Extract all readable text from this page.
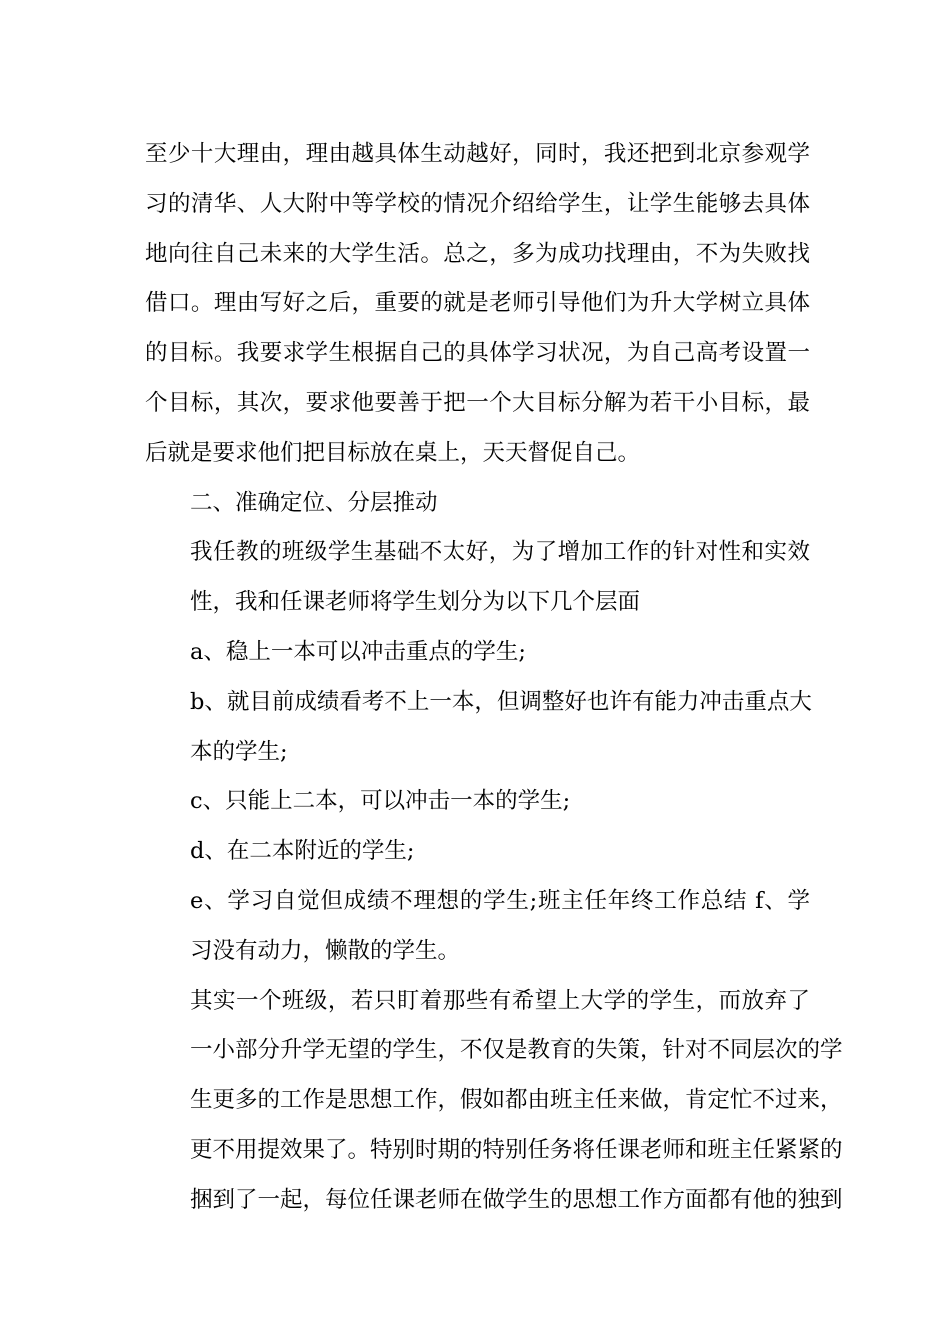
至少十大理由，理由越具体生动越好，同时，我还把到北京参观学
习的清华、人大附中等学校的情况介绍给学生，让学生能够去具体
地向往自己未来的大学生活。总之，多为成功找理由，不为失败找
借口。理由写好之后，重要的就是老师引导他们为升大学树立具体
的目标。我要求学生根据自己的具体学习状况，为自己高考设置一
个目标，其次，要求他要善于把一个大目标分解为若干小目标，最
后就是要求他们把目标放在桌上，天天督促自己。
二、准确定位、分层推动
我任教的班级学生基础不太好，为了增加工作的针对性和实效
性，我和任课老师将学生划分为以下几个层面
a、稳上一本可以冲击重点的学生;
b、就目前成绩看考不上一本，但调整好也许有能力冲击重点大
本的学生;
c、只能上二本，可以冲击一本的学生;
d、在二本附近的学生;
e、学习自觉但成绩不理想的学生;班主任年终工作总结 f、学
习没有动力，懒散的学生。
其实一个班级，若只盯着那些有希望上大学的学生，而放弃了
一小部分升学无望的学生，不仅是教育的失策，针对不同层次的学
生更多的工作是思想工作，假如都由班主任来做，肯定忙不过来，
更不用提效果了。特别时期的特别任务将任课老师和班主任紧紧的
捆到了一起，每位任课老师在做学生的思想工作方面都有他的独到
